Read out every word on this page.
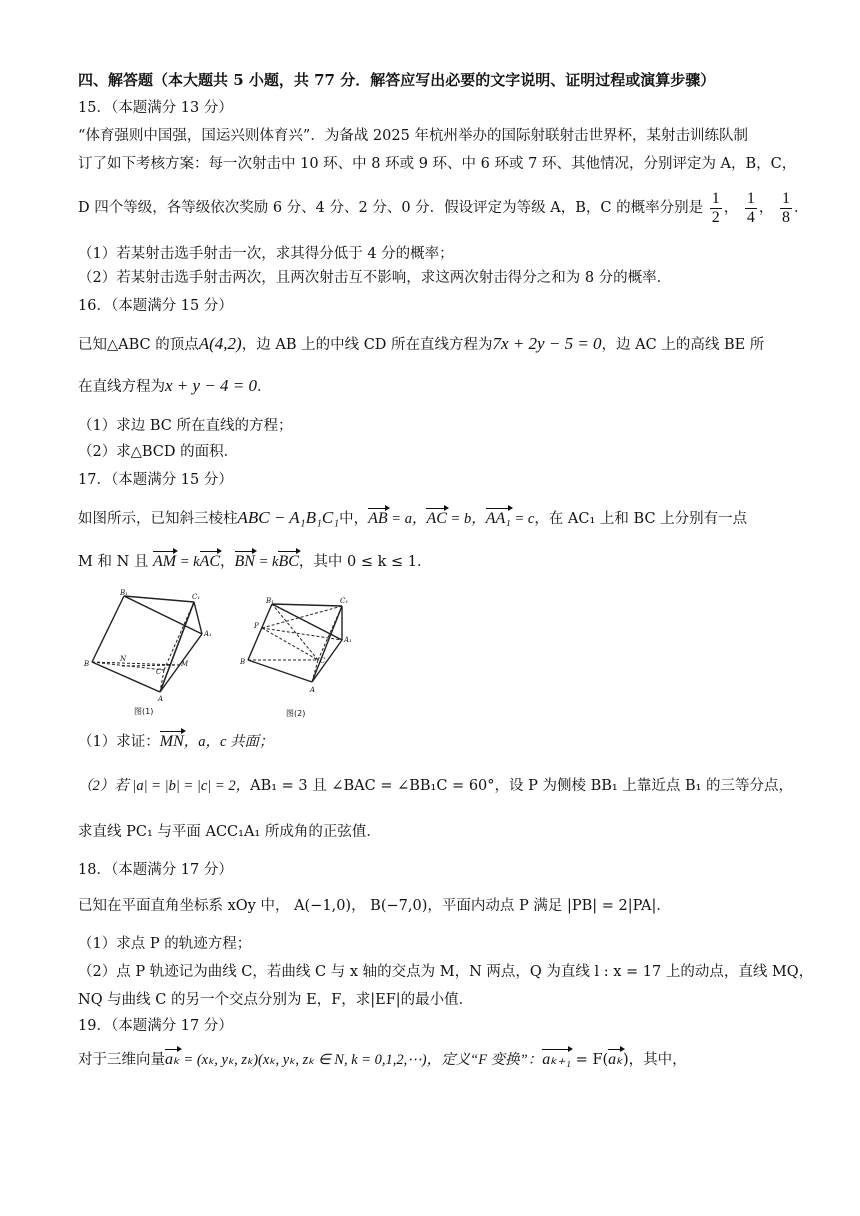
四、解答题（本大题共 5 小题，共 77 分．解答应写出必要的文字说明、证明过程或演算步骤）
15．（本题满分 13 分）
“体育强则中国强，国运兴则体育兴”．为备战 2025 年杭州举办的国际射联射击世界杯，某射击训练队制
订了如下考核方案：每一次射击中 10 环、中 8 环或 9 环、中 6 环或 7 环、其他情况，分别评定为 A，B，C，
D 四个等级，各等级依次奖励 6 分、4 分、2 分、0 分．假设评定为等级 A，B，C 的概率分别是 $\frac{1}{2}$ ， $\frac{1}{4}$ ， $\frac{1}{8}$ ．
（1）若某射击选手射击一次，求其得分低于 4 分的概率；
（2）若某射击选手射击两次，且两次射击互不影响，求这两次射击得分之和为 8 分的概率．
16．（本题满分 15 分）
已知△ABC 的顶点A(4,2)，边 AB 上的中线 CD 所在直线方程为7x + 2y − 5 = 0，边 AC 上的高线 BE 所
在直线方程为x + y − 4 = 0．
（1）求边 BC 所在直线的方程；
（2）求△BCD 的面积．
17．（本题满分 15 分）
如图所示，已知斜三棱柱ABC − A₁B₁C₁中，AB = a，AC = b，AA₁ = c，在 AC₁ 上和 BC 上分别有一点
M 和 N 且 AM = kAC，BN = kBC，其中 0 ≤ k ≤ 1．
B₁	C₁
A₁
M
N
C
B
A
图(1)
B₁	C₁
A₁
P
C
B
A
图(2)
（1）求证：MN，a，c 共面；
（2）若 |a| = |b| = |c| = 2，AB₁ = 3 且 ∠BAC = ∠BB₁C = 60°，设 P 为侧棱 BB₁ 上靠近点 B₁ 的三等分点，
求直线 PC₁ 与平面 ACC₁A₁ 所成角的正弦值．
18．（本题满分 17 分）
已知在平面直角坐标系 xOy 中， A(−1,0)， B(−7,0)，平面内动点 P 满足 |PB| = 2|PA|．
（1）求点 P 的轨迹方程；
（2）点 P 轨迹记为曲线 C，若曲线 C 与 x 轴的交点为 M，N 两点，Q 为直线 l : x = 17 上的动点，直线 MQ，
NQ 与曲线 C 的另一个交点分别为 E，F，求|EF|的最小值．
19．（本题满分 17 分）
对于三维向量aₖ = (xₖ, yₖ, zₖ)(xₖ, yₖ, zₖ ∈ N, k = 0,1,2,⋯)，定义“F 变换”：aₖ₊₁ = F(aₖ)，其中，
